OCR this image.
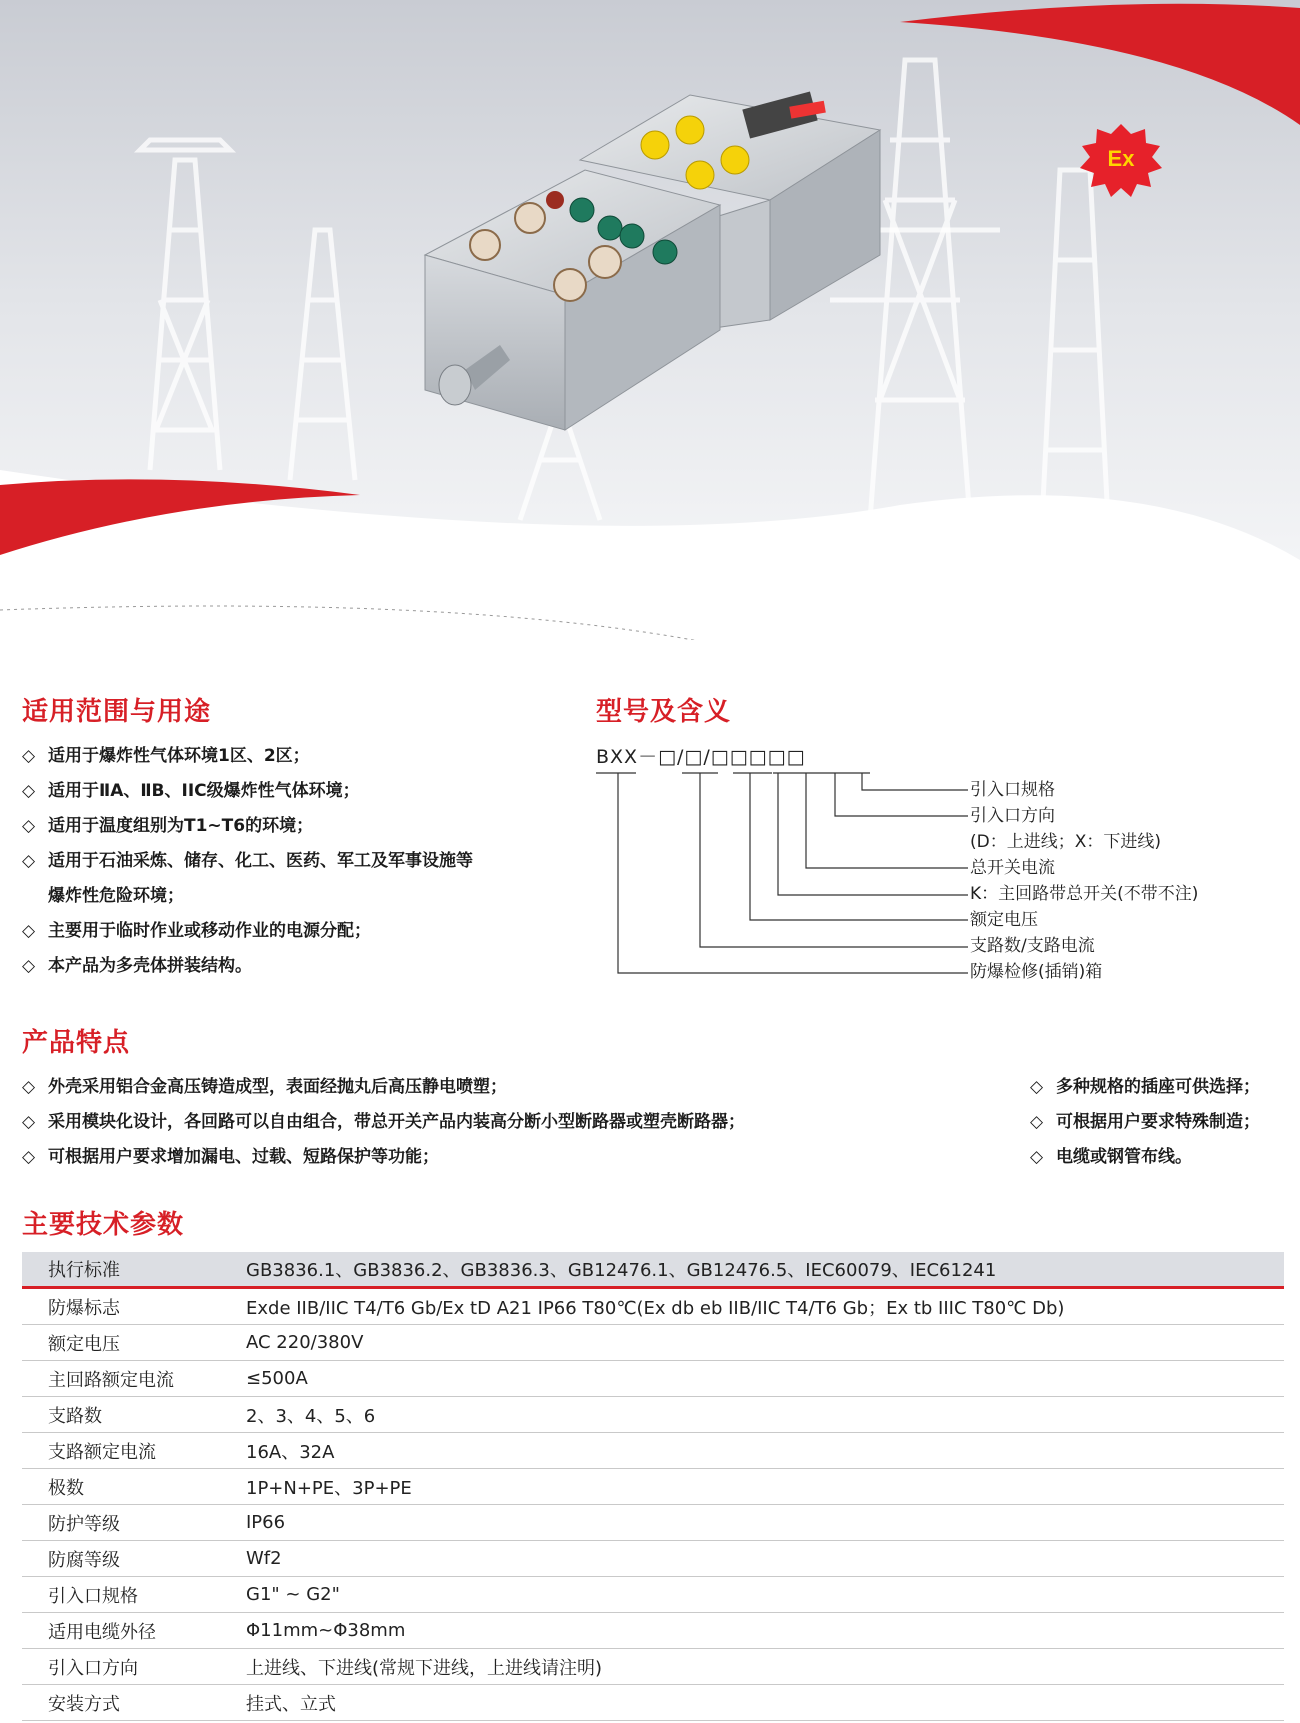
Ex
适用范围与用途
◇ 适用于爆炸性气体环境1区、2区；
◇ 适用于ⅡA、ⅡB、IIC级爆炸性气体环境；
◇ 适用于温度组别为T1~T6的环境；
◇ 适用于石油采炼、储存、化工、医药、军工及军事设施等
爆炸性危险环境；
◇ 主要用于临时作业或移动作业的电源分配；
◇ 本产品为多壳体拼装结构。
型号及含义
BXX－□/□/□□□□□
引入口规格
引入口方向
(D：上进线；X：下进线)
总开关电流
K：主回路带总开关(不带不注)
额定电压
支路数/支路电流
防爆检修(插销)箱
产品特点
◇ 外壳采用铝合金高压铸造成型，表面经抛丸后高压静电喷塑；
◇ 采用模块化设计，各回路可以自由组合，带总开关产品内装高分断小型断路器或塑壳断路器；
◇ 可根据用户要求增加漏电、过载、短路保护等功能；
◇ 多种规格的插座可供选择；
◇ 可根据用户要求特殊制造；
◇ 电缆或钢管布线。
主要技术参数
执行标准	GB3836.1、GB3836.2、GB3836.3、GB12476.1、GB12476.5、IEC60079、IEC61241
防爆标志	Exde IIB/IIC T4/T6 Gb/Ex tD A21 IP66 T80℃(Ex db eb IIB/IIC T4/T6 Gb；Ex tb IIIC T80℃ Db)
额定电压	AC 220/380V
主回路额定电流	≤500A
支路数	2、3、4、5、6
支路额定电流	16A、32A
极数	1P+N+PE、3P+PE
防护等级	IP66
防腐等级	Wf2
引入口规格	G1" ~ G2"
适用电缆外径	Φ11mm~Φ38mm
引入口方向	上进线、下进线(常规下进线，上进线请注明)
安装方式	挂式、立式
